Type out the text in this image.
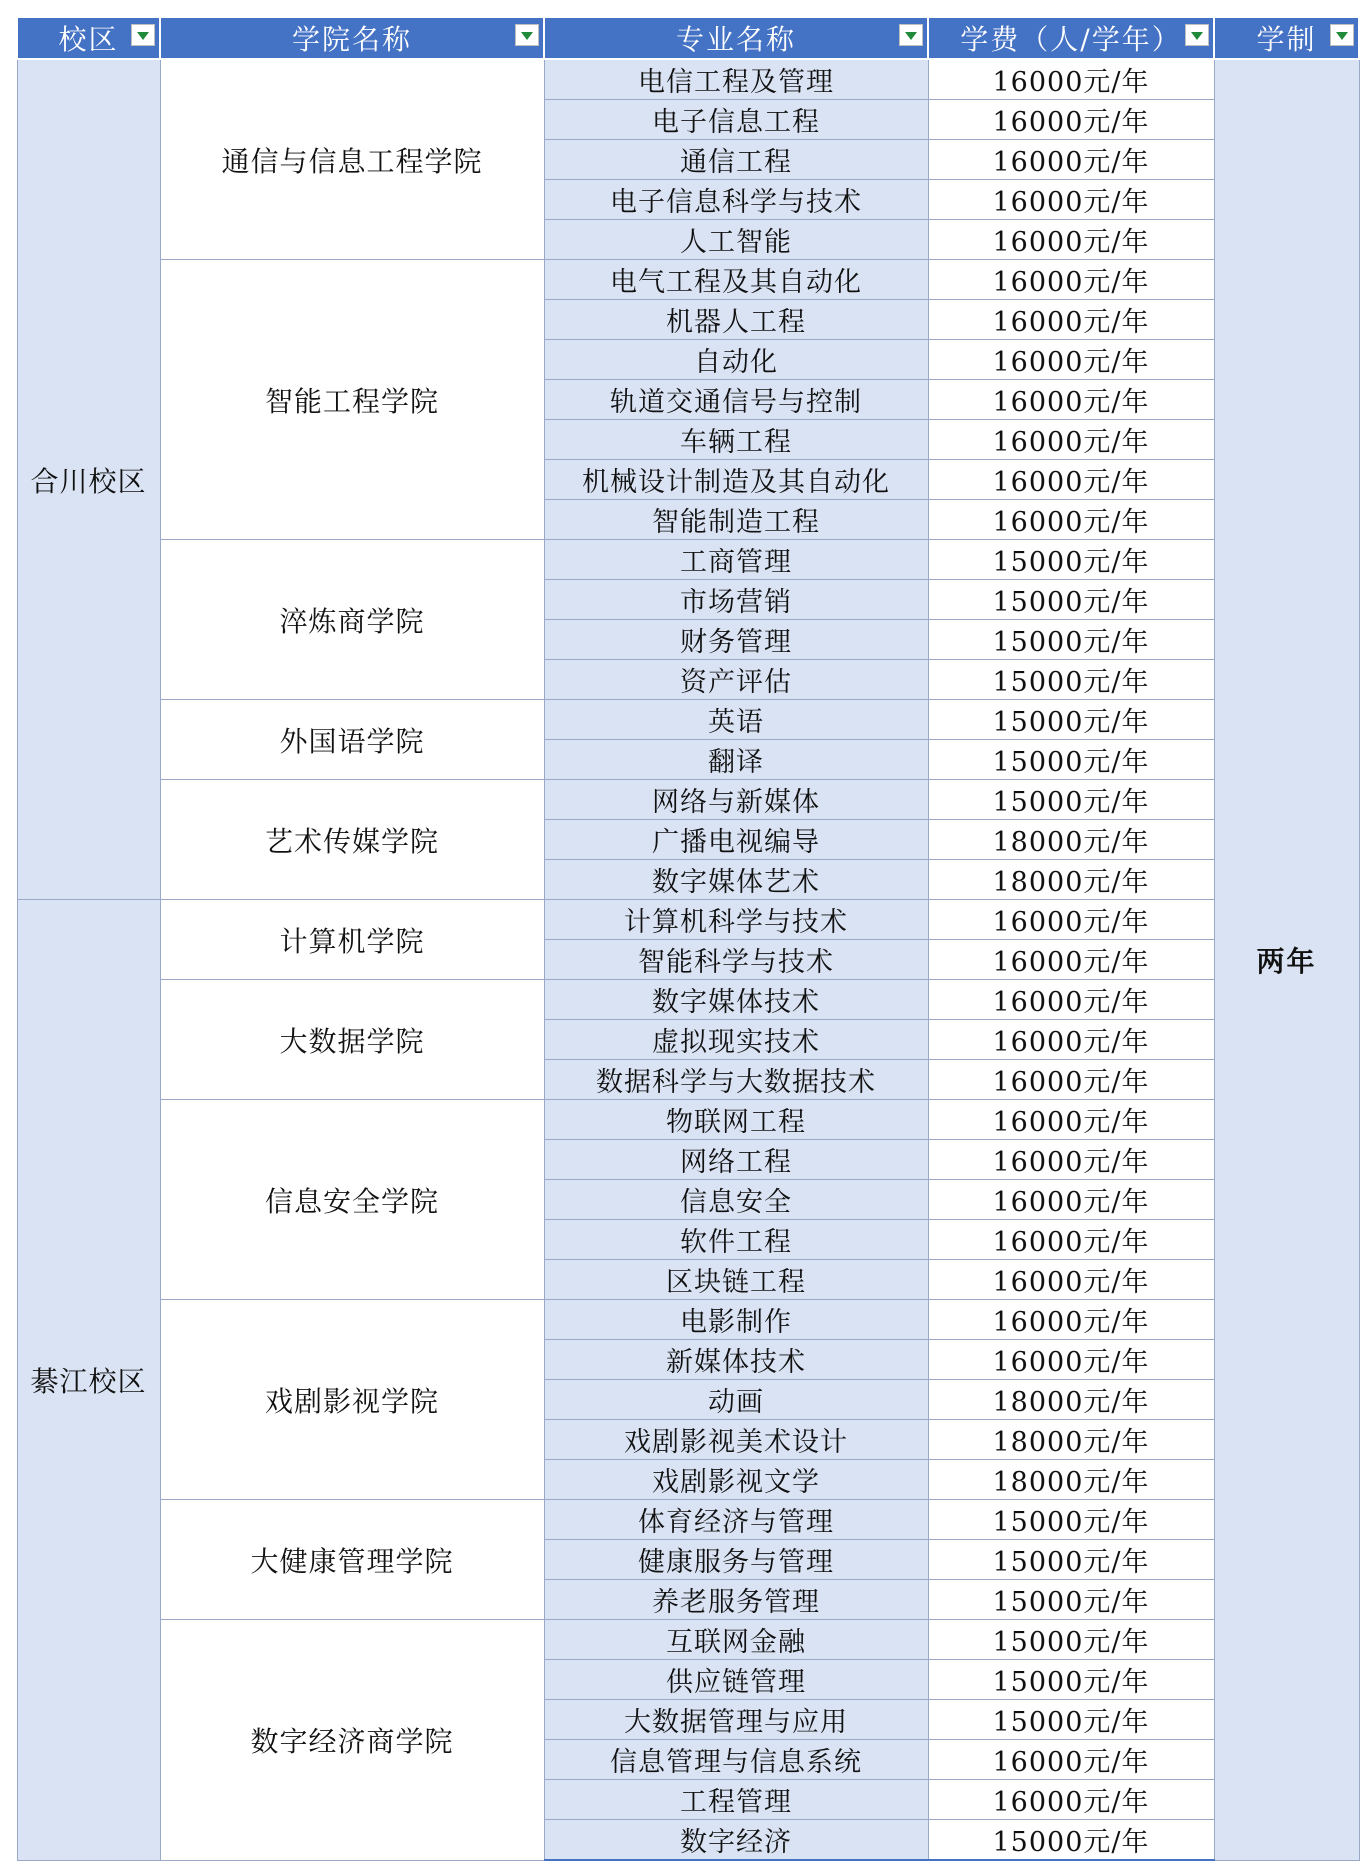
校区	学院名称	专业名称	学费（人/学年）	学制

合川校区	通信与信息工程学院	电信工程及管理	16000元/年	两年
		电子信息工程	16000元/年	
		通信工程	16000元/年	
		电子信息科学与技术	16000元/年	
		人工智能	16000元/年	
	智能工程学院	电气工程及其自动化	16000元/年	
		机器人工程	16000元/年	
		自动化	16000元/年	
		轨道交通信号与控制	16000元/年	
		车辆工程	16000元/年	
		机械设计制造及其自动化	16000元/年	
		智能制造工程	16000元/年	
	淬炼商学院	工商管理	15000元/年	
		市场营销	15000元/年	
		财务管理	15000元/年	
		资产评估	15000元/年	
	外国语学院	英语	15000元/年	
		翻译	15000元/年	
	艺术传媒学院	网络与新媒体	15000元/年	
		广播电视编导	18000元/年	
		数字媒体艺术	18000元/年	
綦江校区	计算机学院	计算机科学与技术	16000元/年	
		智能科学与技术	16000元/年	
	大数据学院	数字媒体技术	16000元/年	
		虚拟现实技术	16000元/年	
		数据科学与大数据技术	16000元/年	
	信息安全学院	物联网工程	16000元/年	
		网络工程	16000元/年	
		信息安全	16000元/年	
		软件工程	16000元/年	
		区块链工程	16000元/年	
	戏剧影视学院	电影制作	16000元/年	
		新媒体技术	16000元/年	
		动画	18000元/年	
		戏剧影视美术设计	18000元/年	
		戏剧影视文学	18000元/年	
	大健康管理学院	体育经济与管理	15000元/年	
		健康服务与管理	15000元/年	
		养老服务管理	15000元/年	
	数字经济商学院	互联网金融	15000元/年	
		供应链管理	15000元/年	
		大数据管理与应用	15000元/年	
		信息管理与信息系统	16000元/年	
		工程管理	16000元/年	
		数字经济	15000元/年	
